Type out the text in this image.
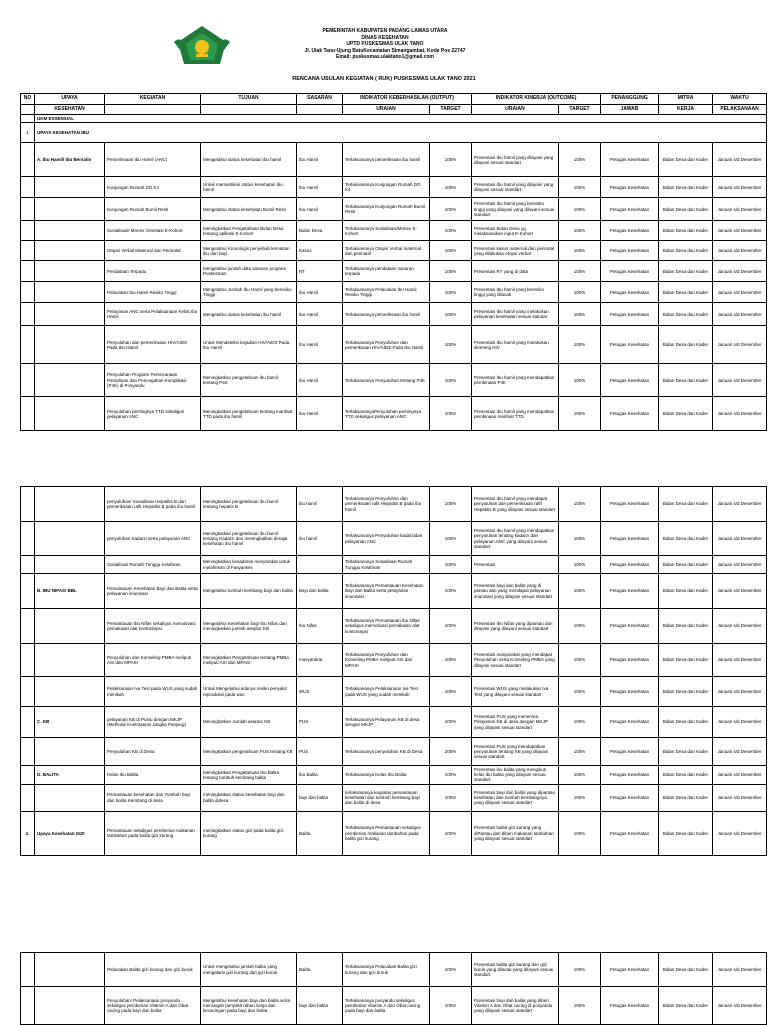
PEMERINTAH KABUPATEN PADANG LAWAS UTARA
DINAS KESEHATAN
UPTD PUSKESMAS ULAK TANO
Jl. Ulak Tano-Ujung BatuKecamatan Simangambat, Kode Pos 22747
Email: puskesmas.ulaktano1@gmail.com
RENCANA USULAN KEGIATAN ( RUK) PUSKESMAS ULAK TANO 2021
NO	UPAYA	KEGIATAN	TUJUAN	SASARAN	INDIKATOR KEBERHASILAN (OUTPUT)		INDIKATOR KINERJA (OUTCOME)		PENANGGUNG	MITRA	WAKTU
	KESEHATAN				URAIAN	TARGET	URAIAN	TARGET	JAWAB	KERJA	PELAKSANAAN
	UKM ESSENSIAL										
1	UPAYA KESEHATAN IBU										
	A. Ibu Hamil/ Ibu Bersalin	Pemeriksaan Ibu Hamil (ANC)	Mengetahui status kesehatan ibu hamil	Ibu Hamil	Terlaksananya pemeriksaan ibu hamil	100%	Presentasi Ibu hamil yang dilayani yang dilayani sesuai standart	100%	Petugas Kesehatan	Bidan Desa dan Kader	Januari s/d Desember
		Kunjungan Rumah DO K4	Untuk memastikan status kesehatan ibu hamil	Ibu Hamil	Terlaksananya Kunjungan Rumah DO K4	100%	Presentasi Ibu hamil yang dilayani yang dilayani sesuai standart	100%	Petugas Kesehatan	Bidan Desa dan Kader	Januari s/d Desember
		Kunjungan Rumah Bumil Resti	Mengetahui status kesehatan Bumil Resti	Ibu Hamil	Terlaksananya Kunjungan Rumah Bumil Resti	100%	Presentasi Ibu hamil yang beresiko tinggi yang dilayani yang dilayani sesuai standart	100%	Petugas Kesehatan	Bidan Desa dan Kader	Januari s/d Desember
		Sosialisasi/ Monev Orientasi E-Kohort	Meningkatkan Pengetahuan Bidan Desa tentang aplikasi E-Kohort	Bidan Desa	Terlaksananya Sosialisasi/Monev E-Kohort	100%	Presentasi Bidan Desa yg melaksanakan input E-Kohort	100%	Petugas Kesehatan	Bidan Desa dan Kader	Januari s/d Desember
		Otopsi Verbal Maternal dan Perinatal	Mengetahui Kronologis penyebab kematian ibu dan bayi	Kasus	Terlaksananya Otopsi Verbal maternal dan perinatal	100%	Presentasi kasus maternal dan perinatal yang dilakukan otopsi verbal	100%	Petugas Kesehatan	Bidan Desa dan Kader	Januari s/d Desember
		Pendataan Terpadu	Mengetahui jumlah data sasaran program Puskesmas	RT	Terlaksananya pendataan sasaran terpadu	100%	Presentasi RT yang di data	100%	Petugas Kesehatan	Bidan Desa dan Kader	Januari s/d Desember
		Pelacakan Ibu Hamil Resiko Tinggi	Mengetahui Jumlah Ibu Hamil yang beresiko Tinggi	Ibu Hamil	Terlaksananya Pelacakan Ibu Hamil Resiko Tinggi	100%	Presentasi Ibu hamil yang beresiko tinggi yang dilacak	100%	Petugas Kesehatan	Bidan Desa dan Kader	Januari s/d Desember
		Pelayanan ANC serta Pelaksanaan Kelas Ibu Hamil	Mengetahui status kesehatan ibu hamil	Ibu Hamil	Terlaksananya pemeriksaan ibu hamil	100%	Presentasi Ibu hamil yang melakukan pelayanan kesehatan sesuai standar	100%	Petugas Kesehatan	Bidan Desa dan Kader	Januari s/d Desember
		Penyuluhan dan pemeriksaan HIV/AIDS Pada Ibu Hamil	Untuk Mendeteksi kejadian HIV/AIDS Pada Ibu Hamil	Ibu Hamil	Terlaksananya Penyuluhan dan pemeriksaan HIV/AIDS Pada Ibu Hamil	100%	Presentasi Ibu hamil yang melakukan skrening HIV	100%	Petugas Kesehatan	Bidan Desa dan Kader	Januari s/d Desember
		Penyuluhan Program Perencanaan Persalinan dan Pencegahan Komplikasi (P4K) di Posyandu	Meningkatkan pengetahuan ibu hamil tentang P4K	Ibu Hamil	Terlaksananya Penyuluhan tentang P4K	100%	Presentasi Ibu hamil yang mendapatkan pembinaan P4K	100%	Petugas Kesehatan	Bidan Desa dan Kader	Januari s/d Desember
		Penyuluhan pentingnya TTD sekaligus pelayanan ANC	Meningkatkan pengetahuan tentang manfaat TTD pada ibu hamil	Ibu Hamil	TerlaksananyaPenyuluhan pentingnya TTD sekaligus pelayanan ANC	100%	Presentasi Ibu hamil yang mendapatkan pembinaan manfaat TTD	100%	Petugas Kesehatan	Bidan Desa dan Kader	Januari s/d Desember
		penyuluhan/ Sosialisasi Hepatitis B dan pemeriksaan rafit Hepatitis B pada Ibu hamil	Meningkatkan pengetahuan ibu hamil tentang hepatis B	ibu hamil	Terlaksananya Penyuluhan dan pemeriksaan rafit Hepatitis B pada Ibu hamil	100%	Presentasi Ibu hamil yang mendapat penyuluhan dan pemeriksaan rafit Hepatitis B yang dilayani sesuai standart	100%	Petugas Kesehatan	Bidan Desa dan Kader	Januari s/d Desember
		penyuluhan Kadarzi serta pelayanan ANC	Meningkatkan pengetahuan ibu hamil tentang Kadarzi dan meningkatkan derajat kesehatan ibu hamil	ibu hamil	Terlaksananya Penyuluhan kadarzidan pelayanan ANC	100%	Presentasi Ibu hamil yang mendapatkan penyuluhan tentang kadarzi dan pelayanan ANC yang dilayani sesuai standart	100%	Petugas Kesehatan	Bidan Desa dan Kader	Januari s/d Desember
		Sosialisasi Rumah Tunggu Kelahiran	Meningkatkan kesadaran masyarakat untuk melahirkan di Fasyankes		Terlaksananya Sosialisasi Rumah Tunggu Kelahiran	100%	Presentasi	100%	Petugas Kesehatan	Bidan Desa dan Kader	Januari s/d Desember
	B. IBU NIFAS/ BBL	Pemantauan Kesehatan Bayi dan Balita serta pelayanan imunisasi	Mengetahui tumbuh kembang bayi dan balita	Bayi dan balita	Terlaksananya Pemantauan Kesehatan Bayi dan Balita serta pelayanan imunisasi	100%	Presentasi bayi dan balita yang di pantau dan yang mendapat pelayanan imunisasi yang dilayani sesuai standart	100%	Petugas Kesehatan	Bidan Desa dan Kader	Januari s/d Desember
		Pemantauan Ibu Nifas sekaligus memotivasi pemakaian alat kontrasepsi	Mengetahui Kesehatan bagi Ibu Nifas dan meningkatkan jumlah aseptor KB	Ibu Nifas	Terlaksananya Pemantauan Ibu Nifas sekaligus memotivasi pemakaian alat kontrasepsi	100%	Presentasi Ibu Nifas yang dipantau dan dilayani yang dilayani sesuai standart	100%	Petugas Kesehatan	Bidan Desa dan Kader	Januari s/d Desember
		Penyuluhan dan Konseling PMBA meliputi ASI dan MPASI	Meningkatkan Pengetahuan tentang PMBA meliputi ASI dan MPASI	masyarakat	Terlaksananya Penyuluhan dan Konseling PMBA meliputi ASI dan MPASI	100%	Presentasi masyarakat yang mendapat Penyuluhan serta Konseling PMBA yang dilayani sesuai standart	100%	Petugas Kesehatan	Bidan Desa dan Kader	Januari s/d Desember
		Pelaksanaan Iva Test pada WUS yang sudah menikah	Untuk Mengetahui adanya resiko penyakit reproduksi pada wus	WUS	Terlaksananya Pelaksanaan Iva Test pada WUS yang sudah menikah	100%	Presentasi WUS yang melakukan Iva Test yang dilayani sesuai standart	100%	Petugas Kesehatan	Bidan Desa dan Kader	Januari s/d Desember
	C. KB	pelayanan KB di Pustu dengan MKJP (Methode Kontrasepsi Jangka Panjang)	Meningkatkan Jumlah aseptor KB	PUS	Terlaksananya Pelayanan KB di desa dengan MKJP	100%	Presentasi PUS yang menerima Pelayanan KB di desa dengan MKJP yang dilayani sesuai standart	100%	Petugas Kesehatan	Bidan Desa dan Kader	Januari s/d Desember
		Penyuluhan KB di Desa	Meningkatkan pengetahuan PUS tentang KB	PUS	Terlaksananya penyuluhan KB di Desa	200%	Presentasi PUS yang mendapatkan penyuluhan tentang KB yang dilayani sesuai standart	100%	Petugas Kesehatan	Bidan Desa dan Kader	Januari s/d Desember
	D. BALITA	Kelas Ibu Balita	Meningkatkan Pengetahuan Ibu Balita tentang tumbuh kembang balita	Ibu Balita	Terlaksananya Kelas Ibu Balita	100%	Presentasi ibu balita yang mengikuti kelas ibu balita yang dilayani sesuai standart	100%	Petugas Kesehatan	Bidan Desa dan Kader	Januari s/d Desember
		Pemantauan kesehatan dan Tumbuh bayi dan balita Kembang di desa	meningkatkan status kesehatan bayi dan balita didesa	bayi dan balita	terlaksananya kegiatan pemantauan kesehatan dan tumbuh kembang bayi dan balita di desa	100%	Presentasi bayi dan balita yang dipantau kesehatan dan tumbuh kembangnya yang dilayani sesuai standart	100%	Petugas Kesehatan	Bidan Desa dan Kader	Januari s/d Desember
2.	Upaya Kesehatan GIZI	Pemantauan sekaligus pemberian makanan tambahan pada balita gizi kurang	meningkatkan status gizi pada balita gizi kurang	Balita	Terlaksananya Pemantauan sekaligus pemberian makanan tambahan pada balita gizi kurang	100%	Presentasi balita gizi kurang yang diPantau dan diberi makanan tambahan yang dilayani sesuai standart	100%	Petugas Kesehatan	Bidan Desa dan Kader	Januari s/d Desember
		Pelacakan Balita gizi kurang dan gizi buruk	Untuk mengetahui jumlah balita yang mengalami gizi kurang dan gizi buruk	Balita	Terlaksananya Pelacakan Balita gizi kurang dan gizi buruk	100%	Presentasi balita gizi kurang dan gizi buruk yang dilacak yang dilayani sesuai standart	100%	Petugas Kesehatan	Bidan Desa dan Kader	Januari s/d Desember
		Penyuluhan/ Pelaksanaan posyandu sekaligus pemberian Vitamin A dan Obat cacing pada bayi dan balita	Mengetahui kesehatan bayi dan balita serta mencegah penyakit rabun senja dan kecacingan pada bayi dan balita	bayi dan balita	Terlaksananya posyandu sekaligus pemberian Vitamin A dan Obat cacing pada bayi dan balita	100%	Presentasi bayi dan balita yang diberi Vitamin A dan Obat cacing di posyandu yang dilayani sesuai standart	100%	Petugas Kesehatan	Bidan Desa dan Kader	Januari s/d Desember
